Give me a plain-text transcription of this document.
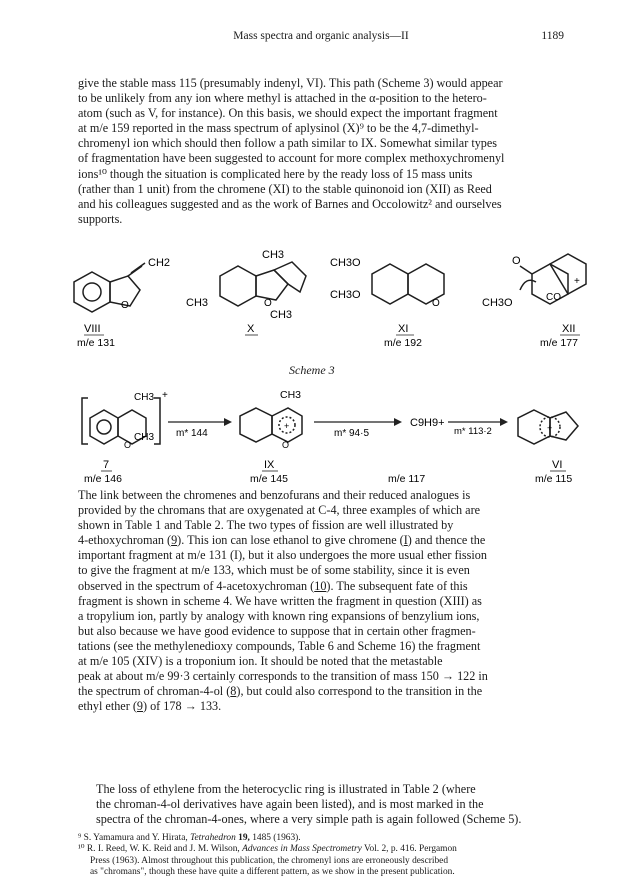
Mass spectra and organic analysis—II	1189
give the stable mass 115 (presumably indenyl, VI). This path (Scheme 3) would appear
to be unlikely from any ion where methyl is attached in the α-position to the hetero-
atom (such as V, for instance). On this basis, we should expect the important fragment
at m/e 159 reported in the mass spectrum of aplysinol (X)⁹ to be the 4,7-dimethyl-
chromenyl ion which should then follow a path similar to IX. Somewhat similar types
of fragmentation have been suggested to account for more complex methoxychromenyl
ions¹⁰ though the situation is complicated here by the ready loss of 15 mass units
(rather than 1 unit) from the chromene (XI) to the stable quinonoid ion (XII) as Reed
and his colleagues suggested and as the work of Barnes and Occolowitz² and ourselves
supports.
CH2
O
VIII
m/e 131
CH3
CH3
CH3
O
X
CH3O
CH3O
O
XI
m/e 192
O
+
CH3O	CO
XII
m/e 177
Scheme 3
+
CH3
CH3
O
7
m/e 146
m* 144
+
CH3
O
IX
m/e 145
m* 94·5
C9H9+
m/e 117
m* 113·2	+
VI
m/e 115
The link between the chromenes and benzofurans and their reduced analogues is
provided by the chromans that are oxygenated at C-4, three examples of which are
shown in Table 1 and Table 2. The two types of fission are well illustrated by
4-ethoxychroman (9). This ion can lose ethanol to give chromene (I) and thence the
important fragment at m/e 131 (I), but it also undergoes the more usual ether fission
to give the fragment at m/e 133, which must be of some stability, since it is even
observed in the spectrum of 4-acetoxychroman (10). The subsequent fate of this
fragment is shown in scheme 4. We have written the fragment in question (XIII) as
a tropylium ion, partly by analogy with known ring expansions of benzylium ions,
but also because we have good evidence to suppose that in certain other fragmen-
tations (see the methylenedioxy compounds, Table 6 and Scheme 16) the fragment
at m/e 105 (XIV) is a troponium ion. It should be noted that the metastable
peak at about m/e 99·3 certainly corresponds to the transition of mass 150 → 122 in
the spectrum of chroman-4-ol (8), but could also correspond to the transition in the
ethyl ether (9) of 178 → 133.
The loss of ethylene from the heterocyclic ring is illustrated in Table 2 (where
the chroman-4-ol derivatives have again been listed), and is most marked in the
spectra of the chroman-4-ones, where a very simple path is again followed (Scheme 5).

⁹ S. Yamamura and Y. Hirata, Tetrahedron 19, 1485 (1963).

¹⁰ R. I. Reed, W. K. Reid and J. M. Wilson, Advances in Mass Spectrometry Vol. 2, p. 416. Pergamon

Press (1963). Almost throughout this publication, the chromenyl ions are erroneously described

as "chromans", though these have quite a different pattern, as we show in the present publication.
